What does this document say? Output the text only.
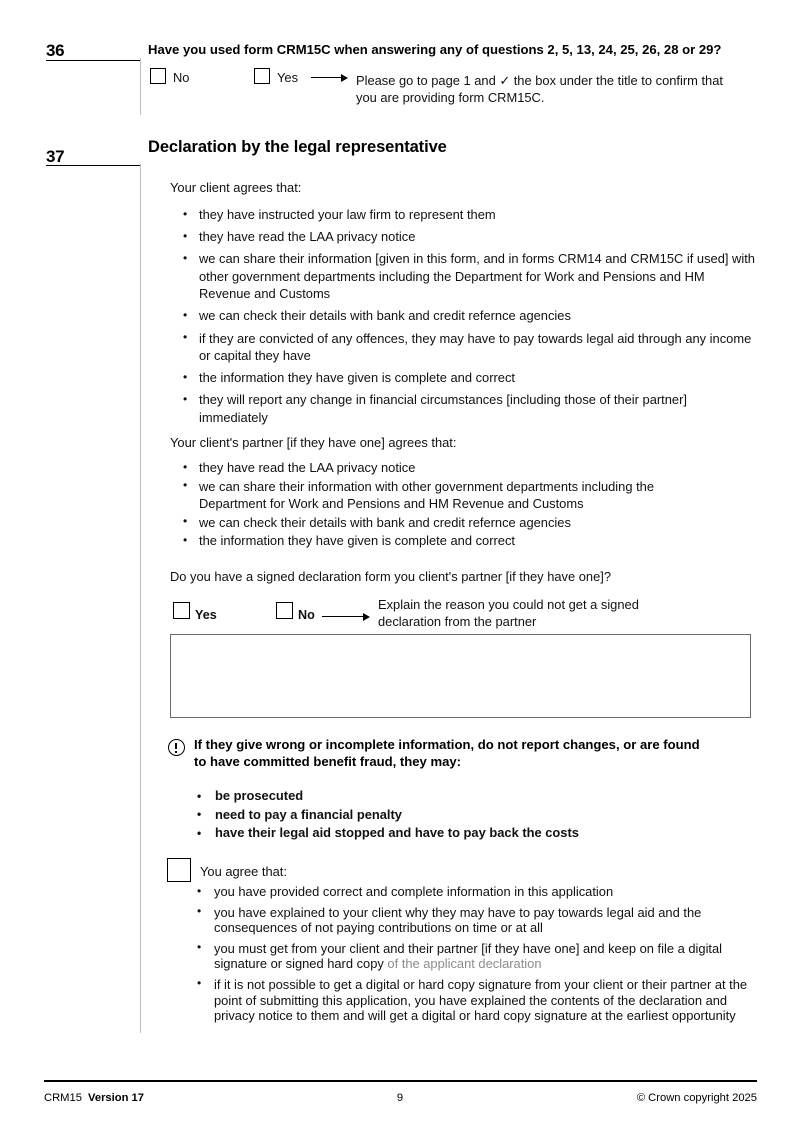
36	Have you used form CRM15C when answering any of questions 2, 5, 13, 24, 25, 26, 28 or 29?
No	Yes	Please go to page 1 and ✓ the box under the title to confirm that
you are providing form CRM15C.
37	Declaration by the legal representative
Your client agrees that:
• they have instructed your law firm to represent them
• they have read the LAA privacy notice
• we can share their information [given in this form, and in forms CRM14 and CRM15C if used] with other government departments including the Department for Work and Pensions and HM Revenue and Customs
• we can check their details with bank and credit refernce agencies
• if they are convicted of any offences, they may have to pay towards legal aid through any income or capital they have
• the information they have given is complete and correct
• they will report any change in financial circumstances [including those of their partner] immediately
Your client's partner [if they have one] agrees that:
• they have read the LAA privacy notice
• we can share their information with other government departments including the Department for Work and Pensions and HM Revenue and Customs
• we can check their details with bank and credit refernce agencies
• the information they have given is complete and correct
Do you have a signed declaration form you client's partner [if they have one]?
Yes	No
Explain the reason you could not get a signed
declaration from the partner
If they give wrong or incomplete information, do not report changes, or are found
to have committed benefit fraud, they may:
• be prosecuted
• need to pay a financial penalty
• have their legal aid stopped and have to pay back the costs
You agree that:
• you have provided correct and complete information in this application
• you have explained to your client why they may have to pay towards legal aid and the consequences of not paying contributions on time or at all
• you must get from your client and their partner [if they have one] and keep on file a digital signature or signed hard copy of the applicant declaration
• if it is not possible to get a digital or hard copy signature from your client or their partner at the point of submitting this application, you have explained the contents of the declaration and privacy notice to them and will get a digital or hard copy signature at the earliest opportunity
CRM15 Version 17	9	© Crown copyright 2025
